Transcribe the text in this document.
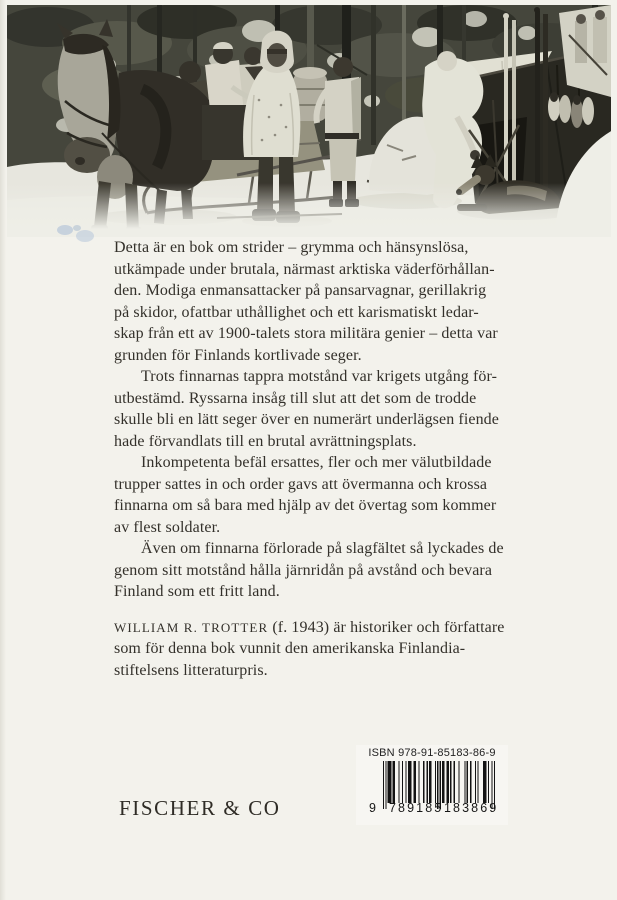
Detta är en bok om strider – grymma och hänsynslösa,
utkämpade under brutala, närmast arktiska väderförhållan-
den. Modiga enmansattacker på pansarvagnar, gerillakrig
på skidor, ofattbar uthållighet och ett karismatiskt ledar-
skap från ett av 1900-talets stora militära genier – detta var
grunden för Finlands kortlivade seger.
Trots finnarnas tappra motstånd var krigets utgång för-
utbestämd. Ryssarna insåg till slut att det som de trodde
skulle bli en lätt seger över en numerärt underlägsen fiende
hade förvandlats till en brutal avrättningsplats.
Inkompetenta befäl ersattes, fler och mer välutbildade
trupper sattes in och order gavs att övermanna och krossa
finnarna om så bara med hjälp av det övertag som kommer
av flest soldater.
Även om finnarna förlorade på slagfältet så lyckades de
genom sitt motstånd hålla järnridån på avstånd och bevara
Finland som ett fritt land.
WILLIAM R. TROTTER (f. 1943) är historiker och författare
som för denna bok vunnit den amerikanska Finlandia-
stiftelsens litteraturpris.
FISCHER & CO
ISBN 978-91-85183-86-9
9 789185 183869
